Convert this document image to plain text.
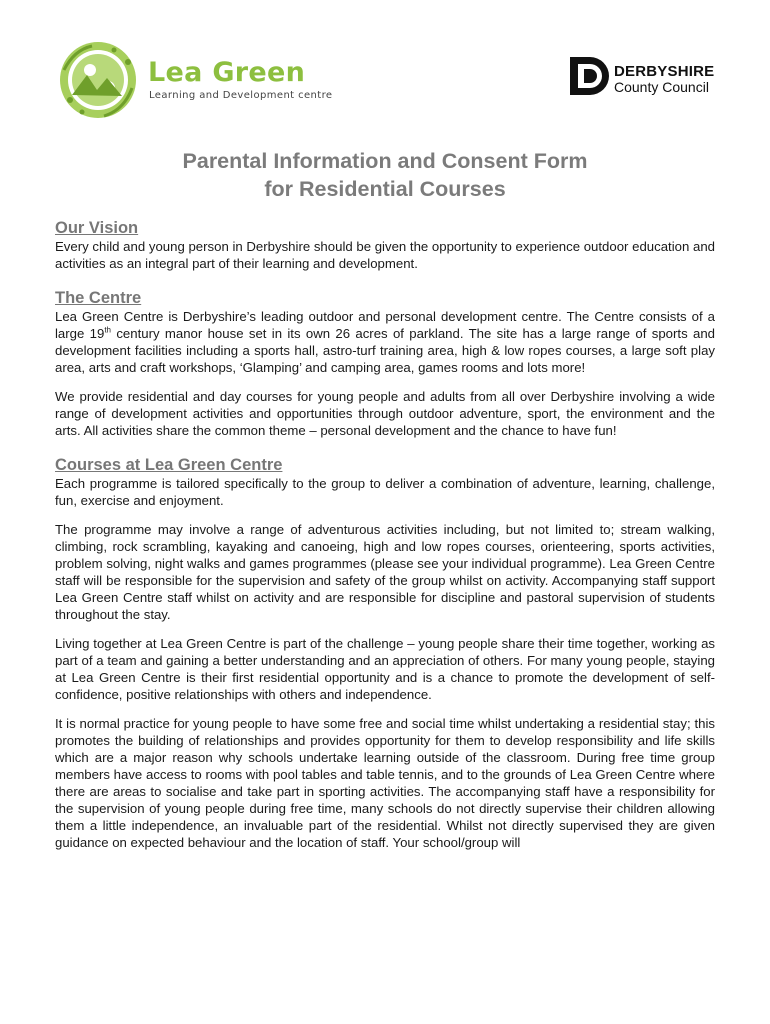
Lea Green
Learning and Development centre
DERBYSHIRE
County Council
Parental Information and Consent Form
for Residential Courses
Our Vision

Every child and young person in Derbyshire should be given the opportunity to experience outdoor education and activities as an integral part of their learning and development.

The Centre

Lea Green Centre is Derbyshire’s leading outdoor and personal development centre. The Centre consists of a large 19th century manor house set in its own 26 acres of parkland. The site has a large range of sports and development facilities including a sports hall, astro-turf training area, high & low ropes courses, a large soft play area, arts and craft workshops, ‘Glamping’ and camping area, games rooms and lots more!

We provide residential and day courses for young people and adults from all over Derbyshire involving a wide range of development activities and opportunities through outdoor adventure, sport, the environment and the arts. All activities share the common theme – personal development and the chance to have fun!

Courses at Lea Green Centre

Each programme is tailored specifically to the group to deliver a combination of adventure, learning, challenge, fun, exercise and enjoyment.

The programme may involve a range of adventurous activities including, but not limited to; stream walking, climbing, rock scrambling, kayaking and canoeing, high and low ropes courses, orienteering, sports activities, problem solving, night walks and games programmes (please see your individual programme). Lea Green Centre staff will be responsible for the supervision and safety of the group whilst on activity. Accompanying staff support Lea Green Centre staff whilst on activity and are responsible for discipline and pastoral supervision of students throughout the stay.

Living together at Lea Green Centre is part of the challenge – young people share their time together, working as part of a team and gaining a better understanding and an appreciation of others. For many young people, staying at Lea Green Centre is their first residential opportunity and is a chance to promote the development of self-confidence, positive relationships with others and independence.

It is normal practice for young people to have some free and social time whilst undertaking a residential stay; this promotes the building of relationships and provides opportunity for them to develop responsibility and life skills which are a major reason why schools undertake learning outside of the classroom. During free time group members have access to rooms with pool tables and table tennis, and to the grounds of Lea Green Centre where there are areas to socialise and take part in sporting activities. The accompanying staff have a responsibility for the supervision of young people during free time, many schools do not directly supervise their children allowing them a little independence, an invaluable part of the residential. Whilst not directly supervised they are given guidance on expected behaviour and the location of staff. Your school/group will
